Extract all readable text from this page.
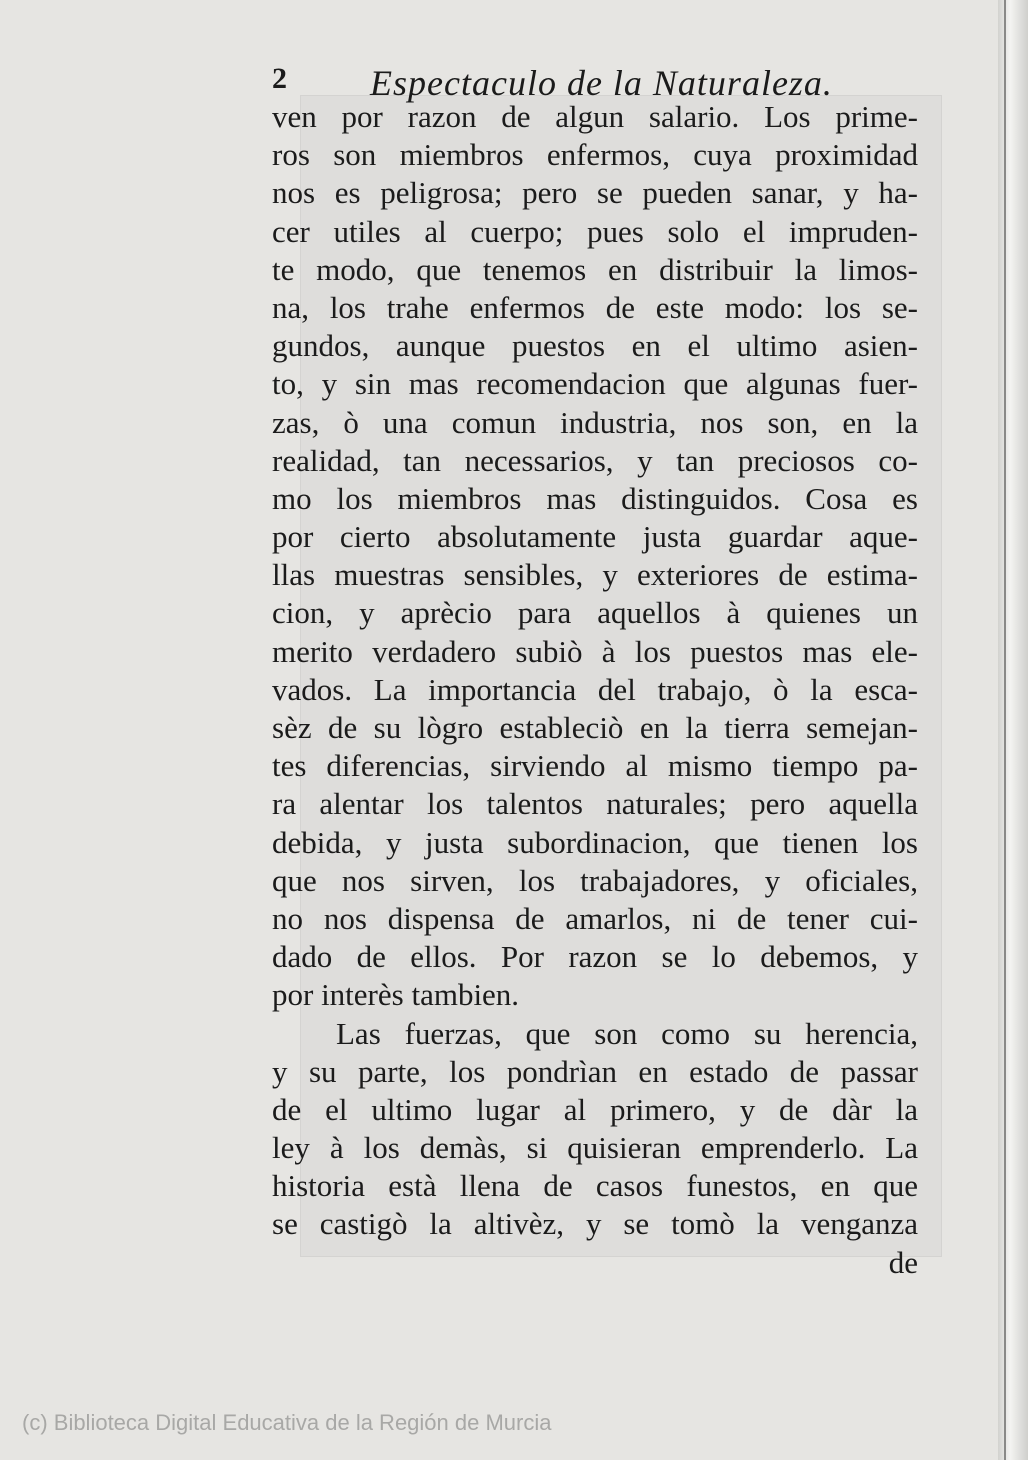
2 Espectaculo de la Naturaleza.
ven por razon de algun salario. Los prime-
ros son miembros enfermos, cuya proximidad
nos es peligrosa; pero se pueden sanar, y ha-
cer utiles al cuerpo; pues solo el impruden-
te modo, que tenemos en distribuir la limos-
na, los trahe enfermos de este modo: los se-
gundos, aunque puestos en el ultimo asien-
to, y sin mas recomendacion que algunas fuer-
zas, ò una comun industria, nos son, en la
realidad, tan necessarios, y tan preciosos co-
mo los miembros mas distinguidos. Cosa es
por cierto absolutamente justa guardar aque-
llas muestras sensibles, y exteriores de estima-
cion, y aprècio para aquellos à quienes un
merito verdadero subiò à los puestos mas ele-
vados. La importancia del trabajo, ò la esca-
sèz de su lògro estableciò en la tierra semejan-
tes diferencias, sirviendo al mismo tiempo pa-
ra alentar los talentos naturales; pero aquella
debida, y justa subordinacion, que tienen los
que nos sirven, los trabajadores, y oficiales,
no nos dispensa de amarlos, ni de tener cui-
dado de ellos. Por razon se lo debemos, y
por interès tambien.
Las fuerzas, que son como su herencia,
y su parte, los pondrìan en estado de passar
de el ultimo lugar al primero, y de dàr la
ley à los demàs, si quisieran emprenderlo. La
historia està llena de casos funestos, en que
se castigò la altivèz, y se tomò la venganza
de
(c) Biblioteca Digital Educativa de la Región de Murcia
